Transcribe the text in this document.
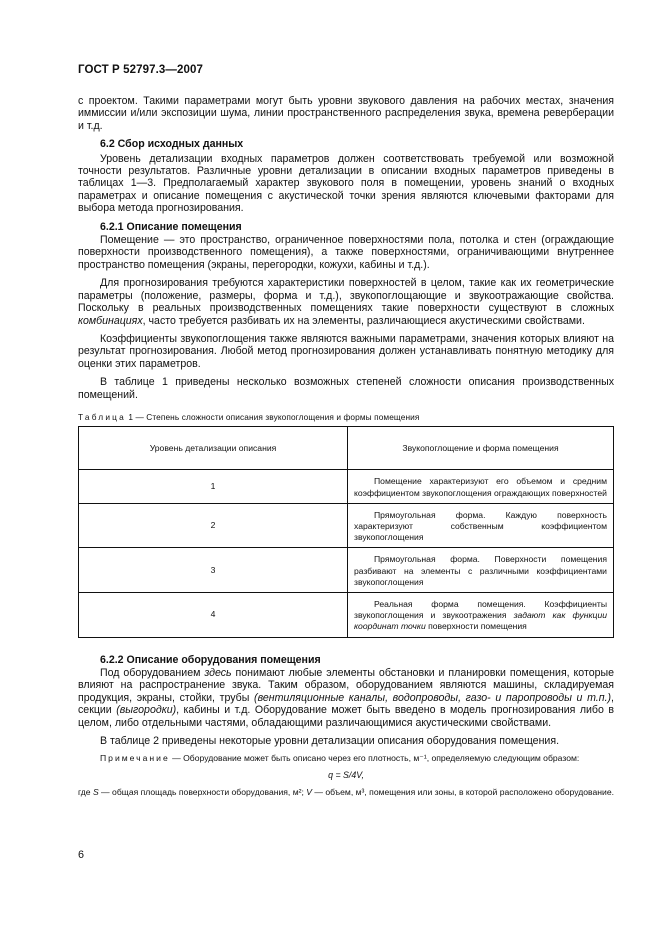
ГОСТ Р 52797.3—2007

с проектом. Такими параметрами могут быть уровни звукового давления на рабочих местах, значения иммиссии и/или экспозиции шума, линии пространственного распределения звука, времена реверберации и т.д.

6.2 Сбор исходных данных

Уровень детализации входных параметров должен соответствовать требуемой или возможной точности результатов. Различные уровни детализации в описании входных параметров приведены в таблицах 1—3. Предполагаемый характер звукового поля в помещении, уровень знаний о входных параметрах и описание помещения с акустической точки зрения являются ключевыми факторами для выбора метода прогнозирования.

6.2.1 Описание помещения

Помещение — это пространство, ограниченное поверхностями пола, потолка и стен (ограждающие поверхности производственного помещения), а также поверхностями, ограничивающими внутреннее пространство помещения (экраны, перегородки, кожухи, кабины и т.д.).

Для прогнозирования требуются характеристики поверхностей в целом, такие как их геометрические параметры (положение, размеры, форма и т.д.), звукопоглощающие и звукоотражающие свойства. Поскольку в реальных производственных помещениях такие поверхности существуют в сложных комбинациях, часто требуется разбивать их на элементы, различающиеся акустическими свойствами.

Коэффициенты звукопоглощения также являются важными параметрами, значения которых влияют на результат прогнозирования. Любой метод прогнозирования должен устанавливать понятную методику для оценки этих параметров.

В таблице 1 приведены несколько возможных степеней сложности описания производственных помещений.

Таблица 1 — Степень сложности описания звукопоглощения и формы помещения
Уровень детализации описания	Звукопоглощение и форма помещения
1	Помещение характеризуют его объемом и средним коэффициентом звукопоглощения ограждающих поверхностей
2	Прямоугольная форма. Каждую поверхность характеризуют собственным коэффициентом звукопоглощения
3	Прямоугольная форма. Поверхности помещения разбивают на элементы с различными коэффициентами звукопоглощения
4	Реальная форма помещения. Коэффициенты звукопоглощения и звукоотражения задают как функции координат точки поверхности помещения
6.2.2 Описание оборудования помещения

Под оборудованием здесь понимают любые элементы обстановки и планировки помещения, которые влияют на распространение звука. Таким образом, оборудованием являются машины, складируемая продукция, экраны, стойки, трубы (вентиляционные каналы, водопроводы, газо- и паропроводы и т.п.), секции (выгородки), кабины и т.д. Оборудование может быть введено в модель прогнозирования либо в целом, либо отдельными частями, обладающими различающимися акустическими свойствами.

В таблице 2 приведены некоторые уровни детализации описания оборудования помещения.

Примечание — Оборудование может быть описано через его плотность, м⁻¹, определяемую следующим образом:
q = S/4V,
где S — общая площадь поверхности оборудования, м²; V — объем, м³, помещения или зоны, в которой расположено оборудование.
6
